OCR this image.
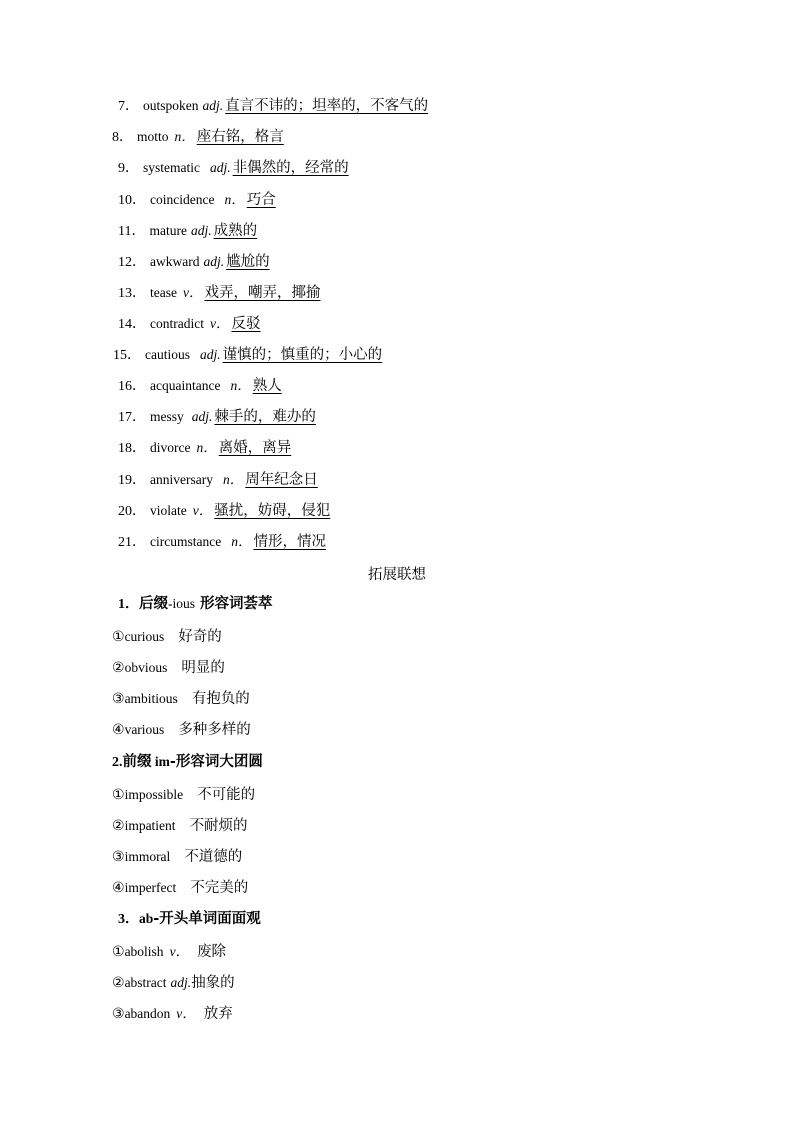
7． outspoken adj. 直言不讳的；坦率的，不客气的
8． motto n． 座右铭，格言
9． systematic adj. 非偶然的，经常的
10． coincidence n． 巧合
11． mature adj. 成熟的
12． awkward adj. 尴尬的
13． tease v． 戏弄，嘲弄，揶揄
14． contradict v． 反驳
15． cautious adj. 谨慎的；慎重的；小心的
16． acquaintance n． 熟人
17． messy adj. 棘手的，难办的
18． divorce n． 离婚，离异
19． anniversary n． 周年纪念日
20． violate v． 骚扰，妨碍，侵犯
21． circumstance n． 情形，情况
拓展联想
1．后缀-ious 形容词荟萃
①curious 好奇的
②obvious 明显的
③ambitious 有抱负的
④various 多种多样的
2.前缀 im-形容词大团圆
①impossible 不可能的
②impatient 不耐烦的
③immoral 不道德的
④imperfect 不完美的
3．ab-开头单词面面观
①abolish v． 废除
②abstract adj.抽象的
③abandon v． 放弃
